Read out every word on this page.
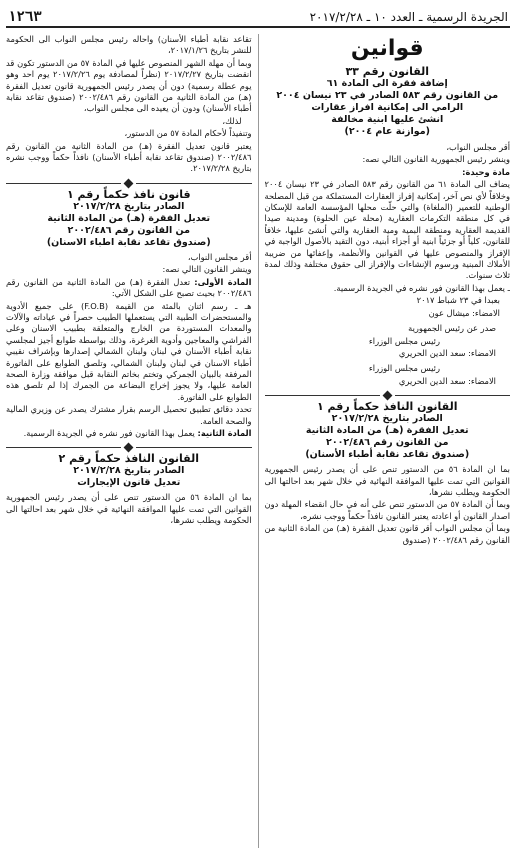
الجريدة الرسمية ـ العدد ١٠ ـ ٢٠١٧/٢/٢٨
١٢٦٣
قوانين
القانون رقم ٣٣
إضافة فقرة الى المادة ٦١
من القانون رقم ٥٨٣ الصادر في ٢٣ نيسان ٢٠٠٤
الرامي الى إمكانية افراز عقارات
انشئ عليها ابنية مخالفة
(موازنة عام ٢٠٠٤)

أقر مجلس النواب،

وينشر رئيس الجمهورية القانون التالي نصه:

مادة وحيدة:

يضاف الى المادة ٦١ من القانون رقم ٥٨٣ الصادر في ٢٣ نيسان ٢٠٠٤ وخلافاً لأي نص آخر، إمكانية إفراز العقارات المستملكة من قبل المصلحة الوطنية للتعمير (الملغاة) والتي حلّت محلها المؤسسة العامة للإسكان في كل منطقة التكرمات العقارية (محلة عين الحلوة) ومدينة صيدا القديمة العقارية ومنطقة البمية ومية العقارية والتي أنشئ عليها، خلافاً للقانون، كلياً أو جزئياً ابنية أو أجزاء أبنية، دون التقيد بالأصول الواجبة في الإفراز والمنصوص عليها في القوانين والأنظمة، وإعفائها من ضريبة الأملاك المبنية ورسوم الإنشاءات والإفراز الى حقوق مختلفة وذلك لمدة ثلاث سنوات.

ـ يعمل بهذا القانون فور نشره في الجريدة الرسمية.

بعبدا في ٢٣ شباط ٢٠١٧

الامضاء: ميشال عون

صدر عن رئيس الجمهورية

رئيس مجلس الوزراء

الامضاء: سعد الدين الحريري

رئيس مجلس الوزراء

الامضاء: سعد الدين الحريري

القانون النافذ حكماً رقم ١
الصادر بتاريخ ٢٠١٧/٢/٢٨
تعديل الفقرة (هـ) من المادة الثانية
من القانون رقم ٢٠٠٢/٤٨٦
(صندوق تقاعد نقابة أطباء الأسنان)

بما ان المادة ٥٦ من الدستور تنص على أن يصدر رئيس الجمهورية القوانين التي تمت عليها الموافقة النهائية في خلال شهر بعد احالتها الى الحكومة ويطلب نشرها،

وبما أن المادة ٥٧ من الدستور تنص على أنه في حال انقضاء المهلة دون اصدار القانون أو اعادته يعتبر القانون نافذاً حكماً ووجب نشره،

وبما أن مجلس النواب أقر قانون تعديل الفقرة (هـ) من المادة الثانية من القانون رقم ٢٠٠٢/٤٨٦ (صندوق

تقاعد نقابة أطباء الأسنان) واحاله رئيس مجلس النواب الى الحكومة للنشر بتاريخ ٢٠١٧/١/٢٦،

وبما أن مهلة الشهر المنصوص عليها في المادة ٥٧ من الدستور تكون قد انقضت بتاريخ ٢٠١٧/٢/٢٧ (نظراً لمصادفة يوم ٢٠١٧/٢/٢٦ يوم احد وهو يوم عطلة رسمية) دون أن يصدر رئيس الجمهورية قانون تعديل الفقرة (هـ) من المادة الثانية من القانون رقم ٢٠٠٢/٤٨٦ (صندوق تقاعد نقابة أطباء الأسنان) ودون أن يعيده الى مجلس النواب،

لذلك،

وتنفيذاً لأحكام المادة ٥٧ من الدستور،

يعتبر قانون تعديل الفقرة (هـ) من المادة الثانية من القانون رقم ٢٠٠٢/٤٨٦ (صندوق تقاعد نقابة أطباء الأسنان) نافذاً حكماً ووجب نشره بتاريخ ٢٠١٧/٢/٢٨.

قانون نافذ حكماً رقم ١
الصادر بتاريخ ٢٠١٧/٢/٢٨
تعديل الفقرة (هـ) من المادة الثانية
من القانون رقم ٢٠٠٢/٤٨٦
(صندوق تقاعد نقابة اطباء الاسنان)

أقر مجلس النواب،

وينشر القانون التالي نصه:

المادة الأولى: تعدل الفقرة (هـ) من المادة الثانية من القانون رقم ٢٠٠٢/٤٨٦ بحيث تصبح على الشكل الآتي:

هـ ـ رسم اثنان بالمئة من القيمة (F.O.B) على جميع الأدوية والمستحضرات الطبية التي يستعملها الطبيب حصراً في عياداته والآلات والمعدات المستوردة من الخارج والمتعلقة بطبيب الاسنان وعلى الفراشي والمعاجين وأدوية الغرغرة، وذلك بواسطة طوابع أجيز لمجلسي نقابة أطباء الأسنان في لبنان ولبنان الشمالي إصدارها وبإشراف نقيبي أطباء الاسنان في لبنان ولبنان الشمالي، وتلصق الطوابع على الفاتورة المرفقة بالبيان الجمركي وتختم بخاتم النقابة قبل موافقة وزارة الصحة العامة عليها، ولا يجوز إخراج البضاعة من الجمرك إذا لم تلصق هذه الطوابع على الفاتورة.

تحدد دقائق تطبيق تحصيل الرسم بقرار مشترك يصدر عن وزيري المالية والصحة العامة.

المادة الثانية: يعمل بهذا القانون فور نشره في الجريدة الرسمية.

القانون النافذ حكماً رقم ٢
الصادر بتاريخ ٢٠١٧/٢/٢٨
تعديل قانون الإيجارات

بما ان المادة ٥٦ من الدستور تنص على أن يصدر رئيس الجمهورية القوانين التي تمت عليها الموافقة النهائية في خلال شهر بعد احالتها الى الحكومة ويطلب نشرها،
